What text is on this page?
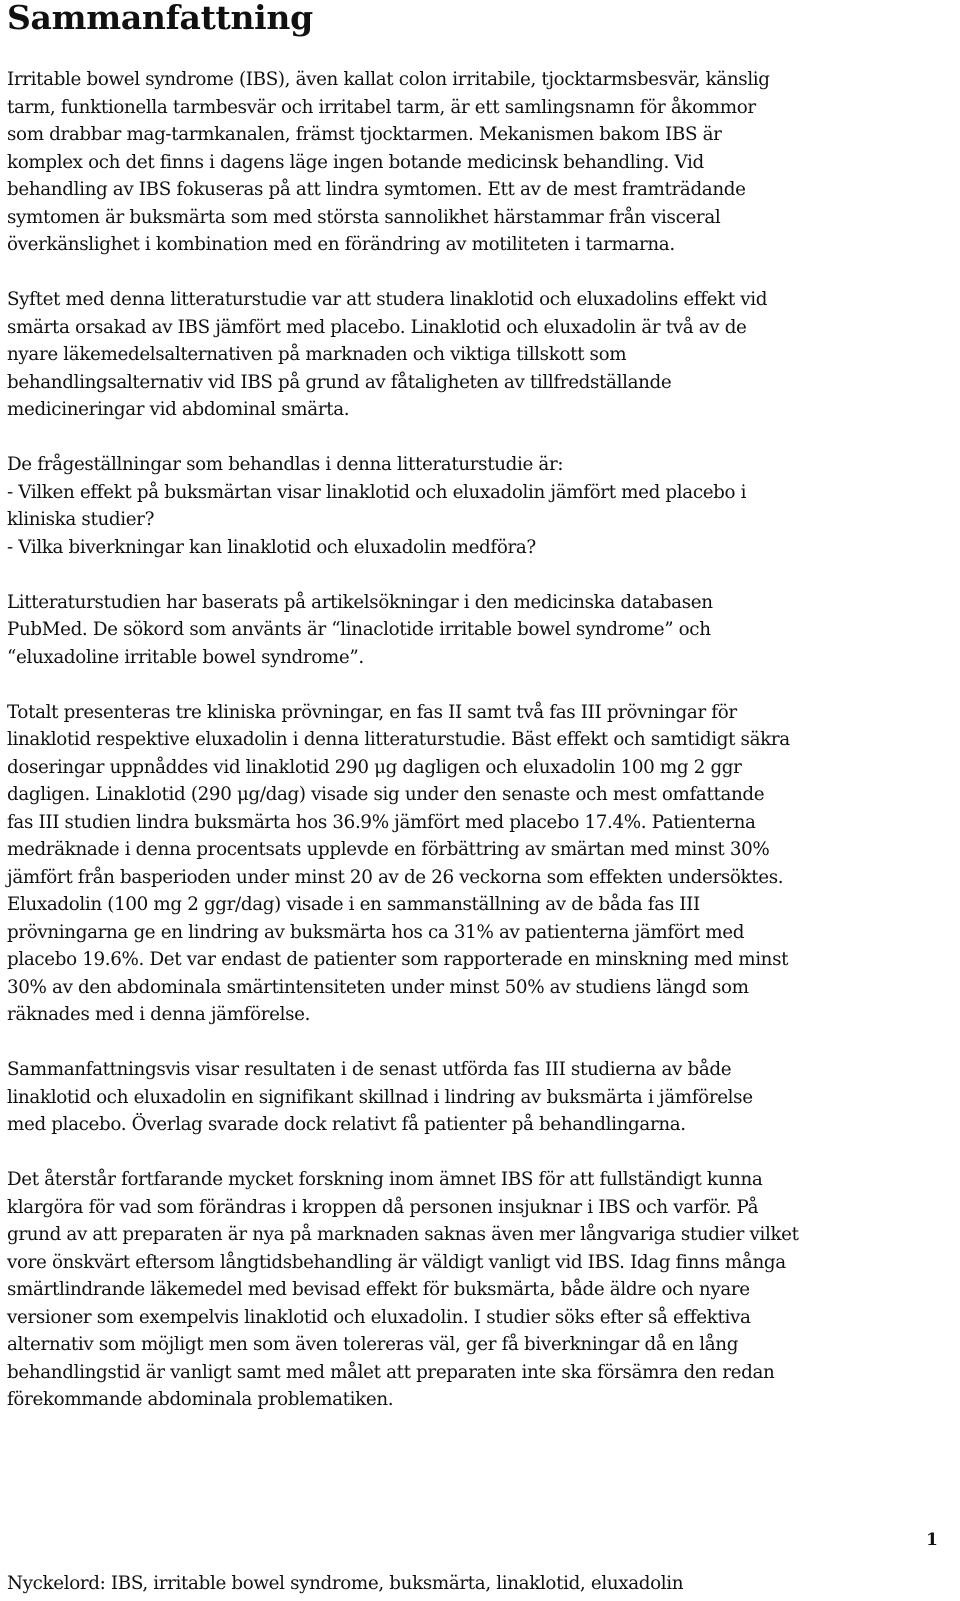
Sammanfattning

Irritable bowel syndrome (IBS), även kallat colon irritabile, tjocktarmsbesvär, känslig
tarm, funktionella tarmbesvär och irritabel tarm, är ett samlingsnamn för åkommor
som drabbar mag-tarmkanalen, främst tjocktarmen. Mekanismen bakom IBS är
komplex och det finns i dagens läge ingen botande medicinsk behandling. Vid
behandling av IBS fokuseras på att lindra symtomen. Ett av de mest framträdande
symtomen är buksmärta som med största sannolikhet härstammar från visceral
överkänslighet i kombination med en förändring av motiliteten i tarmarna.

Syftet med denna litteraturstudie var att studera linaklotid och eluxadolins effekt vid
smärta orsakad av IBS jämfört med placebo. Linaklotid och eluxadolin är två av de
nyare läkemedelsalternativen på marknaden och viktiga tillskott som
behandlingsalternativ vid IBS på grund av fåtaligheten av tillfredställande
medicineringar vid abdominal smärta.

De frågeställningar som behandlas i denna litteraturstudie är:
- Vilken effekt på buksmärtan visar linaklotid och eluxadolin jämfört med placebo i
kliniska studier?
- Vilka biverkningar kan linaklotid och eluxadolin medföra?

Litteraturstudien har baserats på artikelsökningar i den medicinska databasen
PubMed. De sökord som använts är “linaclotide irritable bowel syndrome” och
“eluxadoline irritable bowel syndrome”.

Totalt presenteras tre kliniska prövningar, en fas II samt två fas III prövningar för
linaklotid respektive eluxadolin i denna litteraturstudie. Bäst effekt och samtidigt säkra
doseringar uppnåddes vid linaklotid 290 μg dagligen och eluxadolin 100 mg 2 ggr
dagligen. Linaklotid (290 μg/dag) visade sig under den senaste och mest omfattande
fas III studien lindra buksmärta hos 36.9% jämfört med placebo 17.4%. Patienterna
medräknade i denna procentsats upplevde en förbättring av smärtan med minst 30%
jämfört från basperioden under minst 20 av de 26 veckorna som effekten undersöktes.
Eluxadolin (100 mg 2 ggr/dag) visade i en sammanställning av de båda fas III
prövningarna ge en lindring av buksmärta hos ca 31% av patienterna jämfört med
placebo 19.6%. Det var endast de patienter som rapporterade en minskning med minst
30% av den abdominala smärtintensiteten under minst 50% av studiens längd som
räknades med i denna jämförelse.

Sammanfattningsvis visar resultaten i de senast utförda fas III studierna av både
linaklotid och eluxadolin en signifikant skillnad i lindring av buksmärta i jämförelse
med placebo. Överlag svarade dock relativt få patienter på behandlingarna.

Det återstår fortfarande mycket forskning inom ämnet IBS för att fullständigt kunna
klargöra för vad som förändras i kroppen då personen insjuknar i IBS och varför. På
grund av att preparaten är nya på marknaden saknas även mer långvariga studier vilket
vore önskvärt eftersom långtidsbehandling är väldigt vanligt vid IBS. Idag finns många
smärtlindrande läkemedel med bevisad effekt för buksmärta, både äldre och nyare
versioner som exempelvis linaklotid och eluxadolin. I studier söks efter så effektiva
alternativ som möjligt men som även tolereras väl, ger få biverkningar då en lång
behandlingstid är vanligt samt med målet att preparaten inte ska försämra den redan
förekommande abdominala problematiken.

1
Nyckelord: IBS, irritable bowel syndrome, buksmärta, linaklotid, eluxadolin
